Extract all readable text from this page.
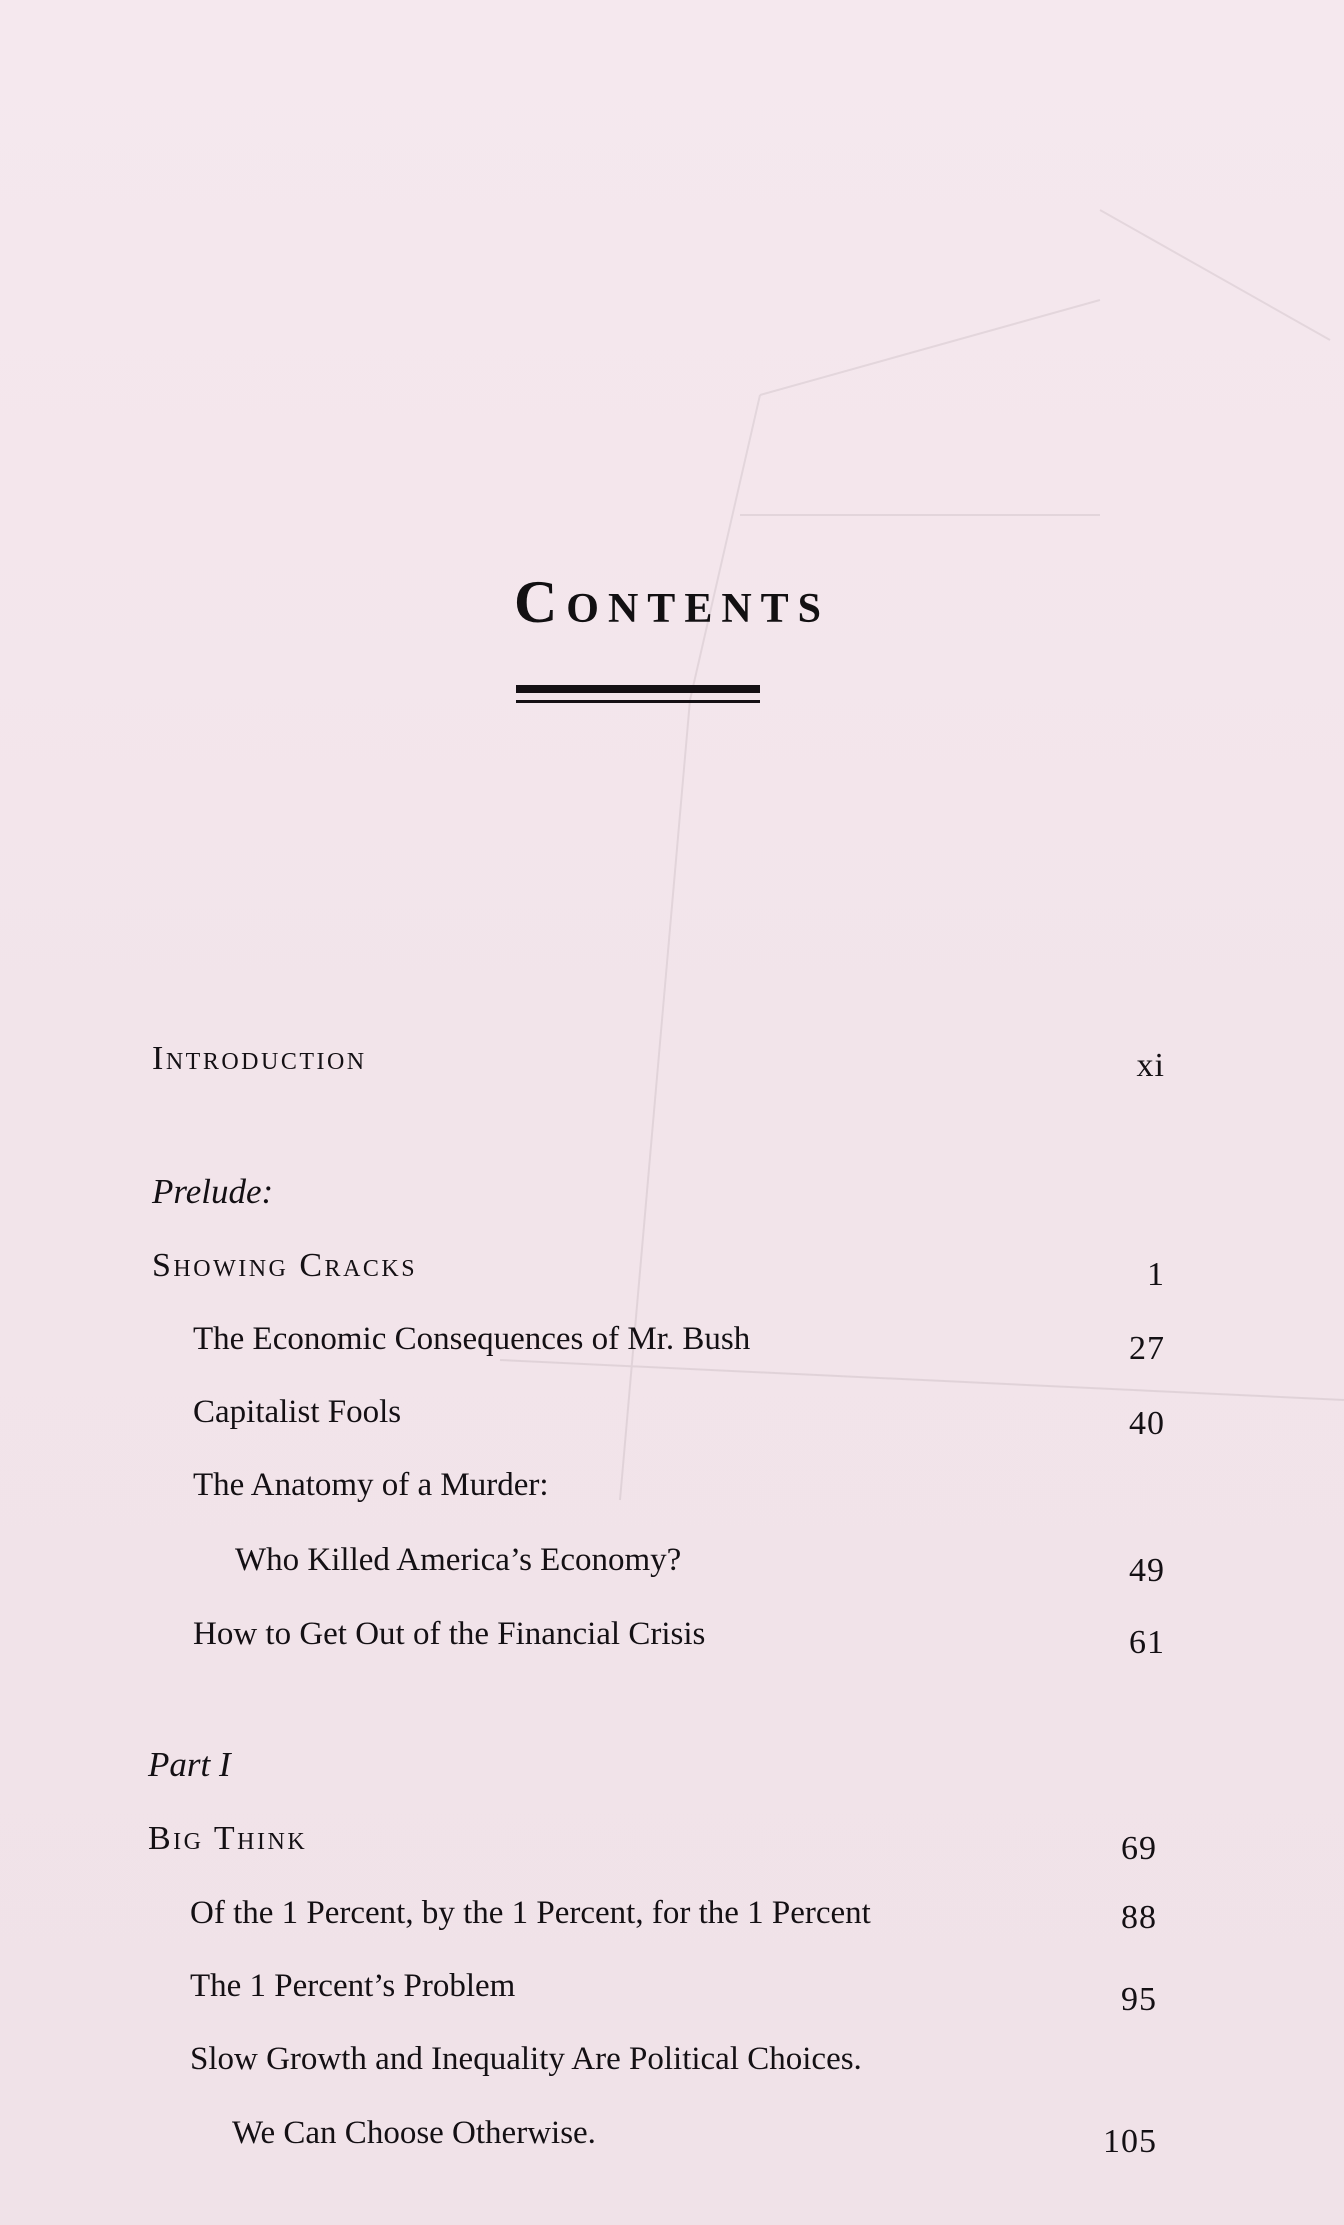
Contents
Introduction	xi
Prelude:
Showing Cracks	1
The Economic Consequences of Mr. Bush	27
Capitalist Fools	40
The Anatomy of a Murder:
Who Killed America’s Economy?	49
How to Get Out of the Financial Crisis	61
Part I
Big Think	69
Of the 1 Percent, by the 1 Percent, for the 1 Percent	88
The 1 Percent’s Problem	95
Slow Growth and Inequality Are Political Choices.
We Can Choose Otherwise.	105
